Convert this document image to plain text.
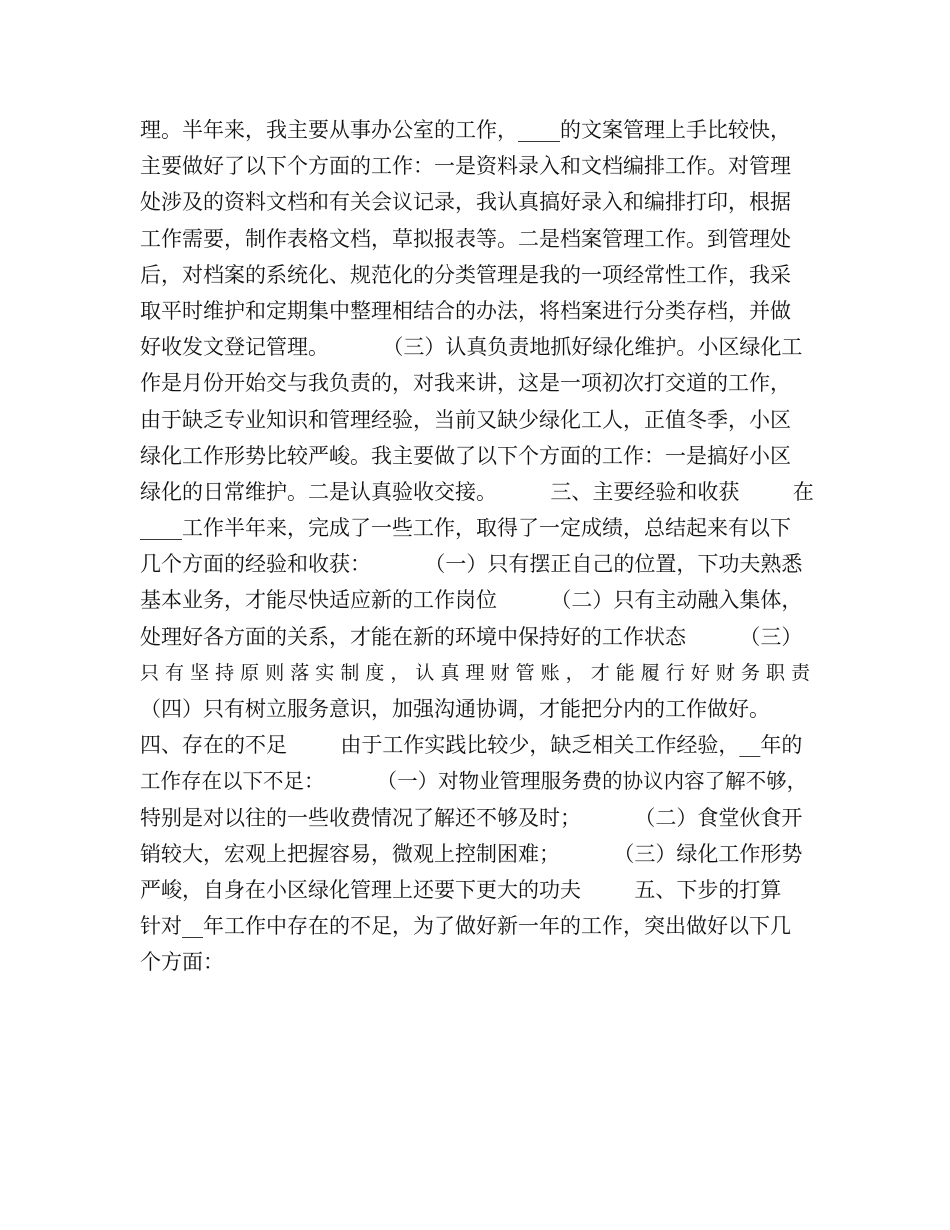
理。半年来，我主要从事办公室的工作，____的文案管理上手比较快，
主要做好了以下个方面的工作：一是资料录入和文档编排工作。对管理
处涉及的资料文档和有关会议记录，我认真搞好录入和编排打印，根据
工作需要，制作表格文档，草拟报表等。二是档案管理工作。到管理处
后，对档案的系统化、规范化的分类管理是我的一项经常性工作，我采
取平时维护和定期集中整理相结合的办法，将档案进行分类存档，并做
好收发文登记管理。        （三）认真负责地抓好绿化维护。小区绿化工
作是月份开始交与我负责的，对我来讲，这是一项初次打交道的工作，
由于缺乏专业知识和管理经验，当前又缺少绿化工人，正值冬季，小区
绿化工作形势比较严峻。我主要做了以下个方面的工作：一是搞好小区
绿化的日常维护。二是认真验收交接。        三、主要经验和收获        在
____工作半年来，完成了一些工作，取得了一定成绩，总结起来有以下
几个方面的经验和收获：        （一）只有摆正自己的位置，下功夫熟悉
基本业务，才能尽快适应新的工作岗位        （二）只有主动融入集体，
处理好各方面的关系，才能在新的环境中保持好的工作状态        （三）
只 有 坚 持 原 则 落 实 制 度 ， 认 真 理 财 管 账 ， 才 能 履 行 好 财 务 职 责
（四）只有树立服务意识，加强沟通协调，才能把分内的工作做好。
四、存在的不足        由于工作实践比较少，缺乏相关工作经验，__年的
工作存在以下不足：        （一）对物业管理服务费的协议内容了解不够，
特别是对以往的一些收费情况了解还不够及时；        （二）食堂伙食开
销较大，宏观上把握容易，微观上控制困难；        （三）绿化工作形势
严峻，自身在小区绿化管理上还要下更大的功夫        五、下步的打算
针对__年工作中存在的不足，为了做好新一年的工作，突出做好以下几
个方面：
